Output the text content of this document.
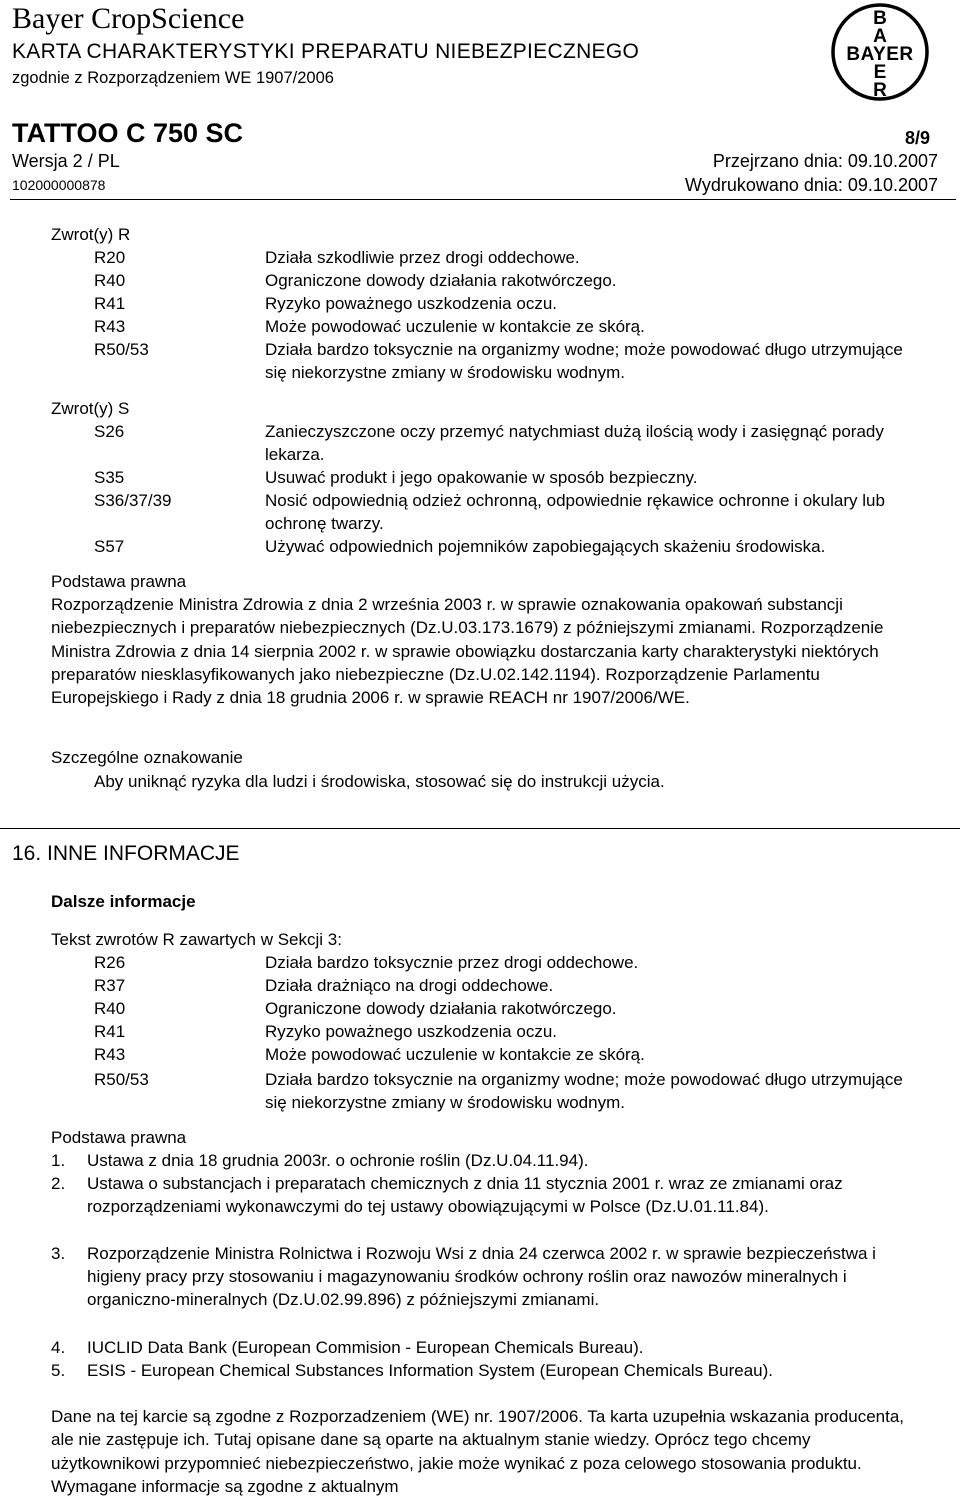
Bayer CropScience
KARTA CHARAKTERYSTYKI PREPARATU NIEBEZPIECZNEGO
zgodnie z Rozporządzeniem WE 1907/2006
B
A
BAYER
E
R
TATTOO C 750 SC	8/9
Wersja 2 / PL	Przejrzano dnia: 09.10.2007
102000000878	Wydrukowano dnia: 09.10.2007
Zwrot(y) R
R20	Działa szkodliwie przez drogi oddechowe.
R40	Ograniczone dowody działania rakotwórczego.
R41	Ryzyko poważnego uszkodzenia oczu.
R43	Może powodować uczulenie w kontakcie ze skórą.
R50/53	Działa bardzo toksycznie na organizmy wodne; może powodować długo utrzymujące się niekorzystne zmiany w środowisku wodnym.
Zwrot(y) S
S26	Zanieczyszczone oczy przemyć natychmiast dużą ilością wody i zasięgnąć porady lekarza.
S35	Usuwać produkt i jego opakowanie w sposób bezpieczny.
S36/37/39	Nosić odpowiednią odzież ochronną, odpowiednie rękawice ochronne i okulary lub ochronę twarzy.
S57	Używać odpowiednich pojemników zapobiegających skażeniu środowiska.
Podstawa prawna
Rozporządzenie Ministra Zdrowia z dnia 2 września 2003 r. w sprawie oznakowania opakowań substancji niebezpiecznych i preparatów niebezpiecznych (Dz.U.03.173.1679) z późniejszymi zmianami. Rozporządzenie Ministra Zdrowia z dnia 14 sierpnia 2002 r. w sprawie obowiązku dostarczania karty charakterystyki niektórych preparatów niesklasyfikowanych jako niebezpieczne (Dz.U.02.142.1194). Rozporządzenie Parlamentu Europejskiego i Rady z dnia 18 grudnia 2006 r. w sprawie REACH nr 1907/2006/WE.
Szczególne oznakowanie
Aby uniknąć ryzyka dla ludzi i środowiska, stosować się do instrukcji użycia.
16. INNE INFORMACJE
Dalsze informacje
Tekst zwrotów R zawartych w Sekcji 3:
R26	Działa bardzo toksycznie przez drogi oddechowe.
R37	Działa drażniąco na drogi oddechowe.
R40	Ograniczone dowody działania rakotwórczego.
R41	Ryzyko poważnego uszkodzenia oczu.
R43	Może powodować uczulenie w kontakcie ze skórą.
R50/53	Działa bardzo toksycznie na organizmy wodne; może powodować długo utrzymujące się niekorzystne zmiany w środowisku wodnym.
Podstawa prawna
1. Ustawa z dnia 18 grudnia 2003r. o ochronie roślin (Dz.U.04.11.94).
2. Ustawa o substancjach i preparatach chemicznych z dnia 11 stycznia 2001 r. wraz ze zmianami oraz rozporządzeniami wykonawczymi do tej ustawy obowiązującymi w Polsce (Dz.U.01.11.84).
3. Rozporządzenie Ministra Rolnictwa i Rozwoju Wsi z dnia 24 czerwca 2002 r. w sprawie bezpieczeństwa i higieny pracy przy stosowaniu i magazynowaniu środków ochrony roślin oraz nawozów mineralnych i organiczno-mineralnych (Dz.U.02.99.896) z późniejszymi zmianami.
4. IUCLID Data Bank (European Commision - European Chemicals Bureau).
5. ESIS - European Chemical Substances Information System (European Chemicals Bureau).
Dane na tej karcie są zgodne z Rozporzadzeniem (WE) nr. 1907/2006. Ta karta uzupełnia wskazania producenta, ale nie zastępuje ich. Tutaj opisane dane są oparte na aktualnym stanie wiedzy. Oprócz tego chcemy użytkownikowi przypomnieć niebezpieczeństwo, jakie może wynikać z poza celowego stosowania produktu. Wymagane informacje są zgodne z aktualnym
